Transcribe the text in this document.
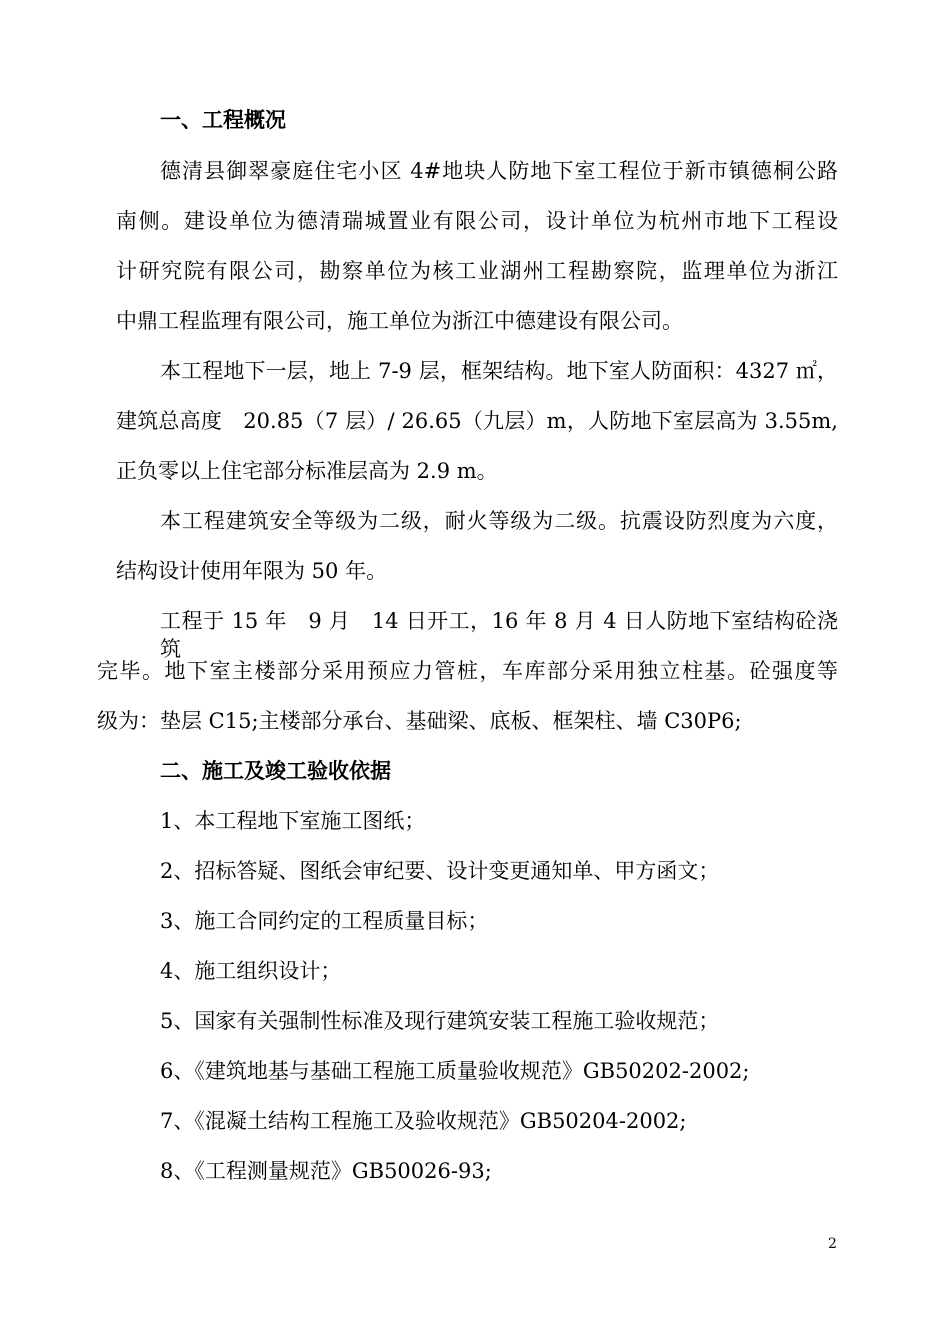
一、工程概况
德清县御翠豪庭住宅小区 4#地块人防地下室工程位于新市镇德桐公路
南侧。建设单位为德清瑞城置业有限公司，设计单位为杭州市地下工程设
计研究院有限公司，勘察单位为核工业湖州工程勘察院，监理单位为浙江
中鼎工程监理有限公司，施工单位为浙江中德建设有限公司。
本工程地下一层，地上 7-9 层，框架结构。地下室人防面积：4327 ㎡，
建筑总高度　20.85（7 层）/ 26.65（九层）m，人防地下室层高为 3.55m,
正负零以上住宅部分标准层高为 2.9 m。
本工程建筑安全等级为二级，耐火等级为二级。抗震设防烈度为六度，
结构设计使用年限为 50 年。
工程于 15 年　9 月　14 日开工，16 年 8 月 4 日人防地下室结构砼浇筑
完毕。地下室主楼部分采用预应力管桩，车库部分采用独立柱基。砼强度等
级为：垫层 C15;主楼部分承台、基础梁、底板、框架柱、墙 C30P6;
二、施工及竣工验收依据
1、本工程地下室施工图纸；
2、招标答疑、图纸会审纪要、设计变更通知单、甲方函文；
3、施工合同约定的工程质量目标；
4、施工组织设计；
5、国家有关强制性标准及现行建筑安装工程施工验收规范；
6、《建筑地基与基础工程施工质量验收规范》GB50202-2002;
7、《混凝土结构工程施工及验收规范》GB50204-2002;
8、《工程测量规范》GB50026-93;
2
